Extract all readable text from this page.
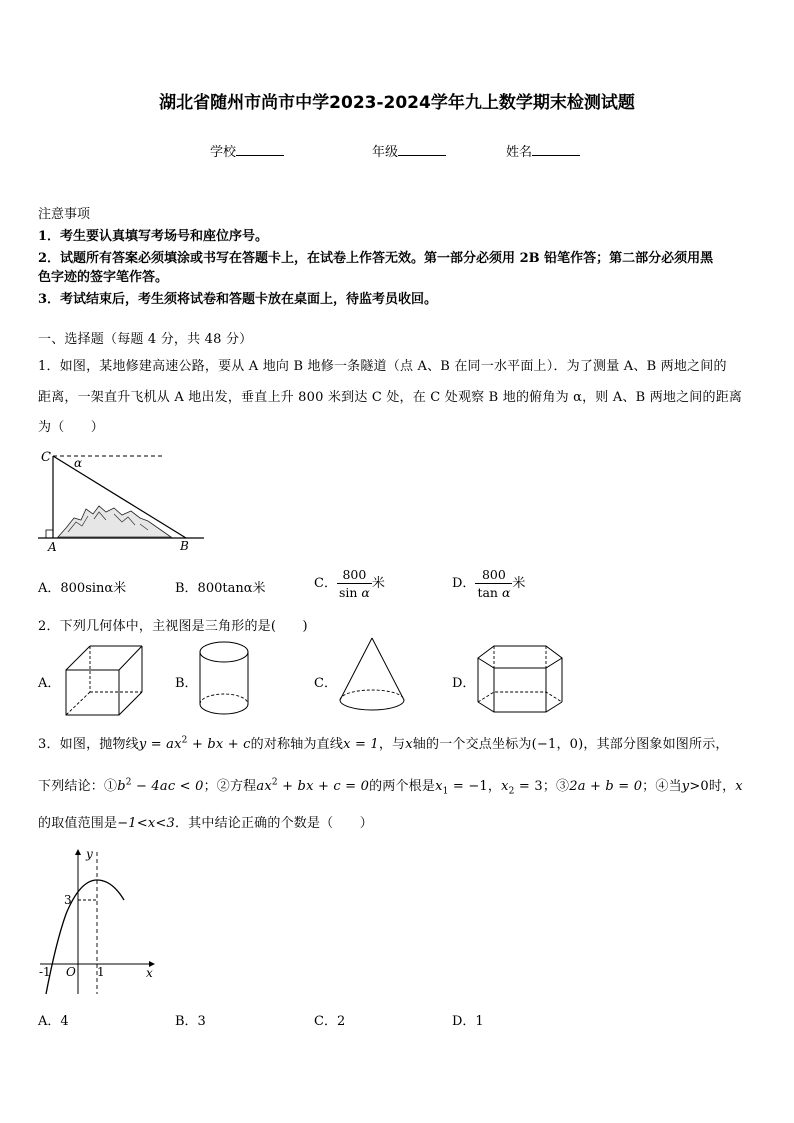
湖北省随州市尚市中学2023-2024学年九上数学期末检测试题
学校	年级	姓名
注意事项
1．考生要认真填写考场号和座位序号。
2．试题所有答案必须填涂或书写在答题卡上，在试卷上作答无效。第一部分必须用 2B 铅笔作答；第二部分必须用黑
色字迹的签字笔作答。
3．考试结束后，考生须将试卷和答题卡放在桌面上，待监考员收回。
一、选择题（每题 4 分，共 48 分）
1．如图，某地修建高速公路，要从 A 地向 B 地修一条隧道（点 A、B 在同一水平面上）．为了测量 A、B 两地之间的
距离，一架直升飞机从 A 地出发，垂直上升 800 米到达 C 处，在 C 处观察 B 地的俯角为 α，则 A、B 两地之间的距离
为（　　）
C α
A	B
A．800sinα米	B．800tanα米	C． $\frac{800}{\text{sin α}}$ 米	D． $\frac{800}{\text{tan α}}$ 米
2．下列几何体中，主视图是三角形的是(　　)
A．	B．	C．	D．
3．如图，抛物线$y = ax^2$ + bx + c的对称轴为直线x = 1，与x轴的一个交点坐标为(−1，0)，其部分图象如图所示，
下列结论：$①b^2 - 4ac < 0$；②方程$ax^2$ + bx + c = 0的两个根是$x_1 = -1$，$x_2 = 3$；③2a + b = 0；④当y>0时，x
的取值范围是−1<x<3．其中结论正确的个数是（　　）
y
x
3
-1 O 1
A．4	B．3	C．2	D．1
